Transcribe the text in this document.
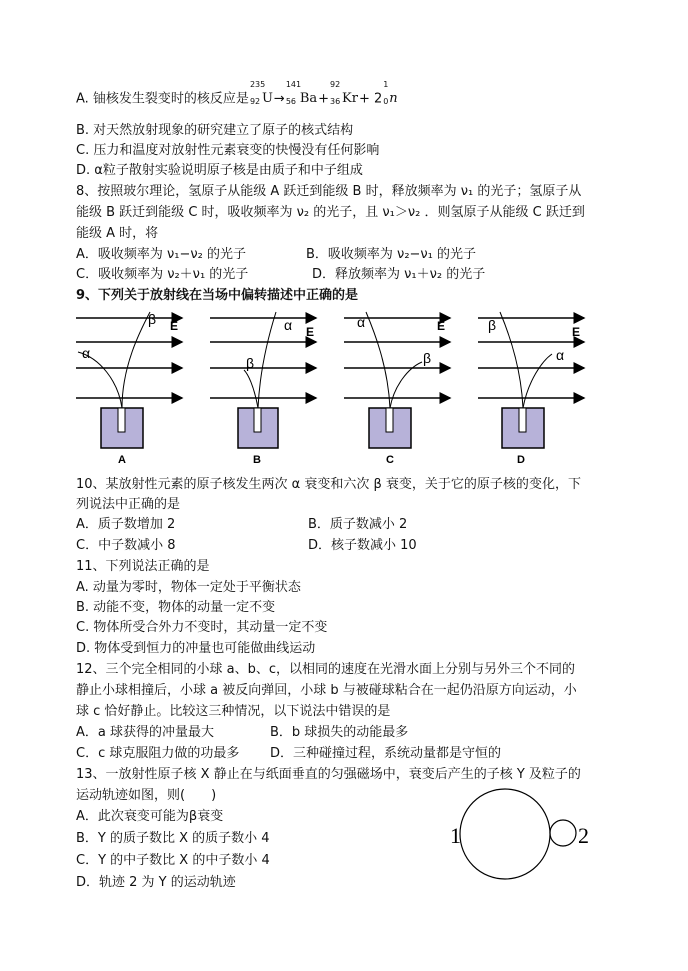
A. 铀核发生裂变时的核反应是
235
92 U→
141
56 Ba+
92
36 Kr+ 2
1
0 n
B. 对天然放射现象的研究建立了原子的核式结构
C. 压力和温度对放射性元素衰变的快慢没有任何影响
D. α粒子散射实验说明原子核是由质子和中子组成
8、按照玻尔理论，氢原子从能级 A 跃迁到能级 B 时，释放频率为 ν₁ 的光子；氢原子从
能级 B 跃迁到能级 C 时，吸收频率为 ν₂ 的光子，且 ν₁＞ν₂ ．则氢原子从能级 C 跃迁到
能级 A 时，将
A．吸收频率为 ν₁−ν₂ 的光子	B．吸收频率为 ν₂−ν₁ 的光子
C．吸收频率为 ν₂＋ν₁ 的光子	D．释放频率为 ν₁＋ν₂ 的光子
9、下列关于放射线在当场中偏转描述中正确的是
β E
α
A
α E
β
B
α	E
β
C
β	E
α
D
10、某放射性元素的原子核发生两次 α 衰变和六次 β 衰变，关于它的原子核的变化，下
列说法中正确的是
A．质子数增加 2	B．质子数减小 2
C．中子数减小 8	D．核子数减小 10
11、下列说法正确的是
A. 动量为零时，物体一定处于平衡状态
B. 动能不变，物体的动量一定不变
C. 物体所受合外力不变时，其动量一定不变
D. 物体受到恒力的冲量也可能做曲线运动
12、三个完全相同的小球 a、b、c，以相同的速度在光滑水面上分别与另外三个不同的
静止小球相撞后，小球 a 被反向弹回，小球 b 与被碰球粘合在一起仍沿原方向运动，小
球 c 恰好静止。比较这三种情况，以下说法中错误的是
A．a 球获得的冲量最大	B．b 球损失的动能最多
C．c 球克服阻力做的功最多 D．三种碰撞过程，系统动量都是守恒的
13、一放射性原子核 X 静止在与纸面垂直的匀强磁场中，衰变后产生的子核 Y 及粒子的
运动轨迹如图，则(　　)
A．此次衰变可能为β衰变
B．Y 的质子数比 X 的质子数小 4
C．Y 的中子数比 X 的中子数小 4
D．轨迹 2 为 Y 的运动轨迹
1	2
